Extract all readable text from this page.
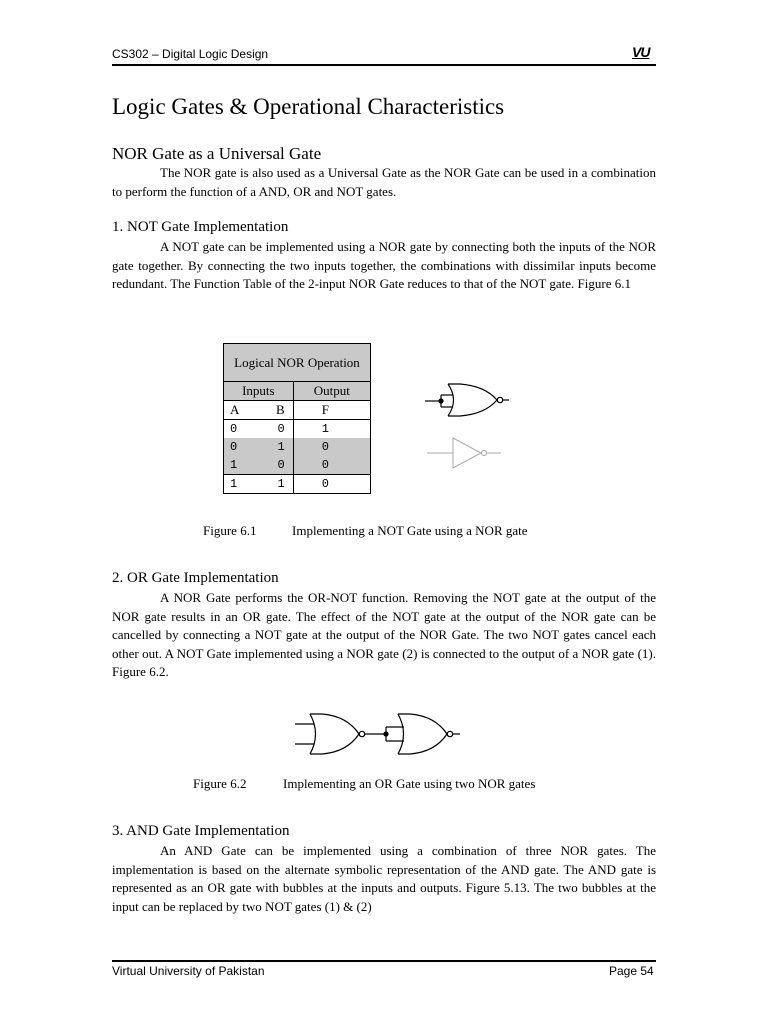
CS302 – Digital Logic Design	VU
Logic Gates & Operational Characteristics
NOR Gate as a Universal Gate

The NOR gate is also used as a Universal Gate as the NOR Gate can be used in a combination to perform the function of a AND, OR and NOT gates.

1. NOT Gate Implementation

A NOT gate can be implemented using a NOR gate by connecting both the inputs of the NOR gate together. By connecting the two inputs together, the combinations with dissimilar inputs become redundant. The Function Table of the 2-input NOR Gate reduces to that of the NOT gate. Figure 6.1

Logical NOR Operation		
Inputs		Output
A	B	F
0	0	1
0	1	0
1	0	0
1	1	0
Figure 6.1	Implementing a NOT Gate using a NOR gate
2. OR Gate Implementation

A NOR Gate performs the OR-NOT function. Removing the NOT gate at the output of the NOR gate results in an OR gate. The effect of the NOT gate at the output of the NOR gate can be cancelled by connecting a NOT gate at the output of the NOR Gate. The two NOT gates cancel each other out. A NOT Gate implemented using a NOR gate (2) is connected to the output of a NOR gate (1). Figure 6.2.

Figure 6.2	Implementing an OR Gate using two NOR gates
3. AND Gate Implementation

An AND Gate can be implemented using a combination of three NOR gates. The implementation is based on the alternate symbolic representation of the AND gate. The AND gate is represented as an OR gate with bubbles at the inputs and outputs. Figure 5.13. The two bubbles at the input can be replaced by two NOT gates (1) & (2)

Virtual University of Pakistan	Page 54
